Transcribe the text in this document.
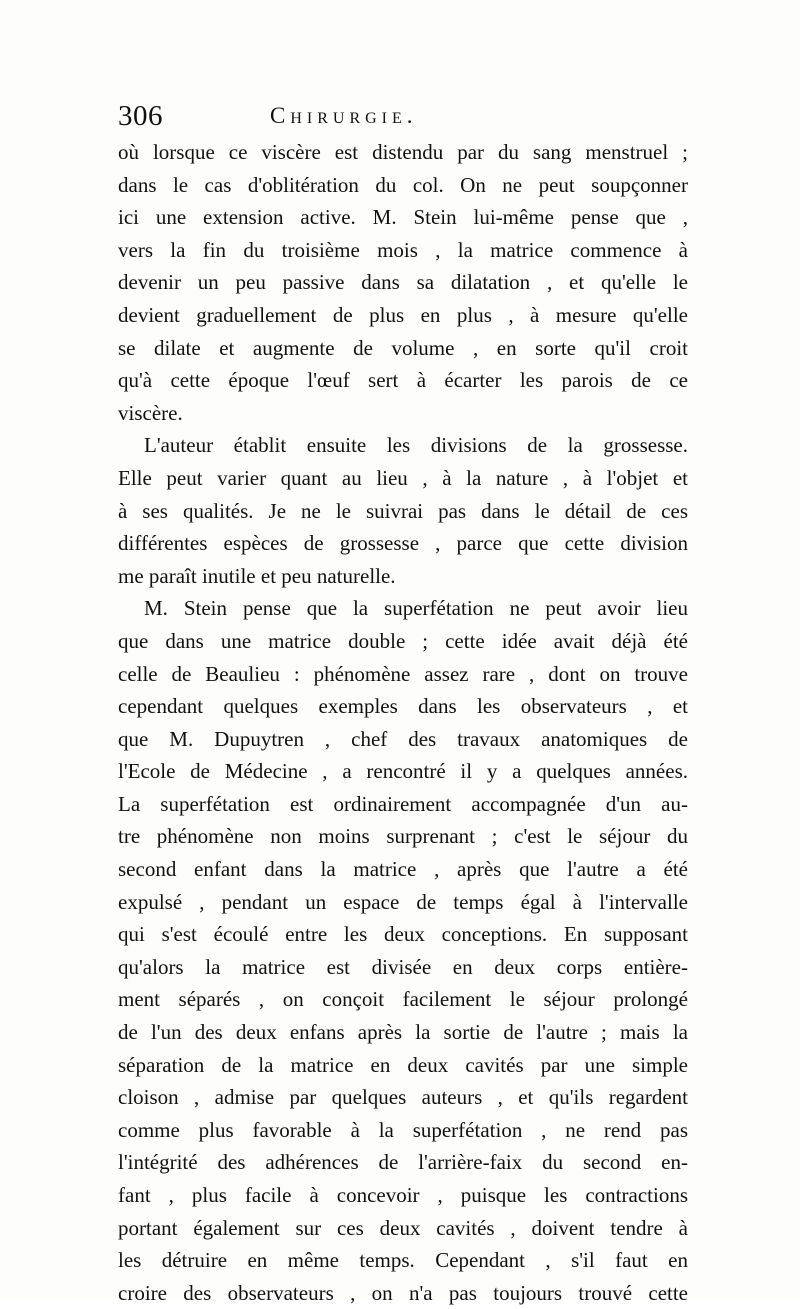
306	Chirurgie.
où lorsque ce viscère est distendu par du sang menstruel ;
dans le cas d'oblitération du col. On ne peut soupçonner
ici une extension active. M. Stein lui-même pense que ,
vers la fin du troisième mois , la matrice commence à
devenir un peu passive dans sa dilatation , et qu'elle le
devient graduellement de plus en plus , à mesure qu'elle
se dilate et augmente de volume , en sorte qu'il croit
qu'à cette époque l'œuf sert à écarter les parois de ce
viscère.
L'auteur établit ensuite les divisions de la grossesse.
Elle peut varier quant au lieu , à la nature , à l'objet et
à ses qualités. Je ne le suivrai pas dans le détail de ces
différentes espèces de grossesse , parce que cette division
me paraît inutile et peu naturelle.
M. Stein pense que la superfétation ne peut avoir lieu
que dans une matrice double ; cette idée avait déjà été
celle de Beaulieu : phénomène assez rare , dont on trouve
cependant quelques exemples dans les observateurs , et
que M. Dupuytren , chef des travaux anatomiques de
l'Ecole de Médecine , a rencontré il y a quelques années.
La superfétation est ordinairement accompagnée d'un au-
tre phénomène non moins surprenant ; c'est le séjour du
second enfant dans la matrice , après que l'autre a été
expulsé , pendant un espace de temps égal à l'intervalle
qui s'est écoulé entre les deux conceptions. En supposant
qu'alors la matrice est divisée en deux corps entière-
ment séparés , on conçoit facilement le séjour prolongé
de l'un des deux enfans après la sortie de l'autre ; mais la
séparation de la matrice en deux cavités par une simple
cloison , admise par quelques auteurs , et qu'ils regardent
comme plus favorable à la superfétation , ne rend pas
l'intégrité des adhérences de l'arrière-faix du second en-
fant , plus facile à concevoir , puisque les contractions
portant également sur ces deux cavités , doivent tendre à
les détruire en même temps. Cependant , s'il faut en
croire des observateurs , on n'a pas toujours trouvé cette
